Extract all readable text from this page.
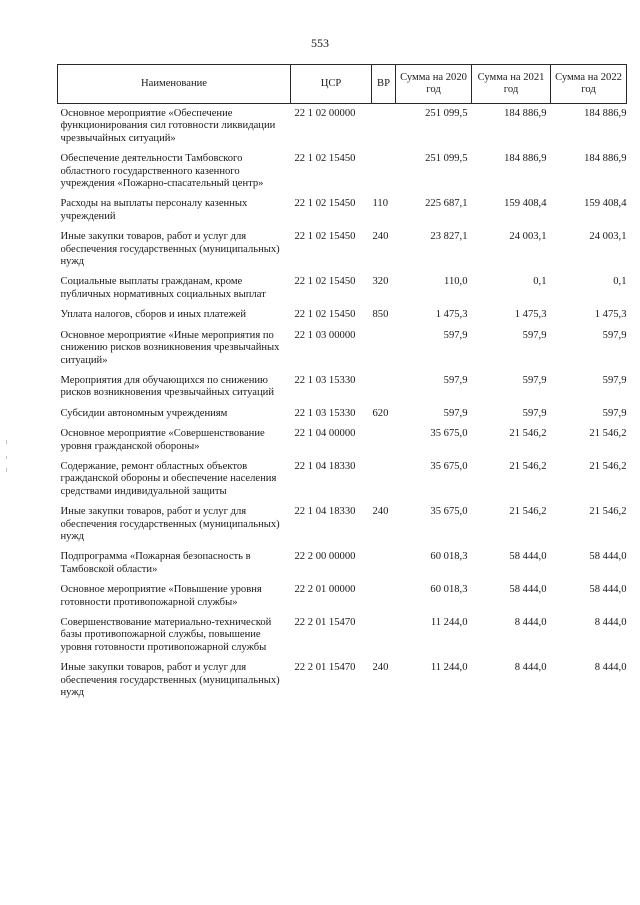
553
Наименование	ЦСР	ВР	Сумма на 2020 год	Сумма на 2021 год	Сумма на 2022 год
Основное мероприятие «Обеспечение функционирования сил готовности ликвидации чрезвычайных ситуаций»	22 1 02 00000		251 099,5	184 886,9	184 886,9
Обеспечение деятельности Тамбовского областного государственного казенного учреждения «Пожарно-спасательный центр»	22 1 02 15450		251 099,5	184 886,9	184 886,9
Расходы на выплаты персоналу казенных учреждений	22 1 02 15450	110	225 687,1	159 408,4	159 408,4
Иные закупки товаров, работ и услуг для обеспечения государственных (муниципальных) нужд	22 1 02 15450	240	23 827,1	24 003,1	24 003,1
Социальные выплаты гражданам, кроме публичных нормативных социальных выплат	22 1 02 15450	320	110,0	0,1	0,1
Уплата налогов, сборов и иных платежей	22 1 02 15450	850	1 475,3	1 475,3	1 475,3
Основное мероприятие «Иные мероприятия по снижению рисков возникновения чрезвычайных ситуаций»	22 1 03 00000		597,9	597,9	597,9
Мероприятия для обучающихся по снижению рисков возникновения чрезвычайных ситуаций	22 1 03 15330		597,9	597,9	597,9
Субсидии автономным учреждениям	22 1 03 15330	620	597,9	597,9	597,9
Основное мероприятие «Совершенствование уровня гражданской обороны»	22 1 04 00000		35 675,0	21 546,2	21 546,2
Содержание, ремонт областных объектов гражданской обороны и обеспечение населения средствами индивидуальной защиты	22 1 04 18330		35 675,0	21 546,2	21 546,2
Иные закупки товаров, работ и услуг для обеспечения государственных (муниципальных) нужд	22 1 04 18330	240	35 675,0	21 546,2	21 546,2
Подпрограмма «Пожарная безопасность в Тамбовской области»	22 2 00 00000		60 018,3	58 444,0	58 444,0
Основное мероприятие «Повышение уровня готовности противопожарной службы»	22 2 01 00000		60 018,3	58 444,0	58 444,0
Совершенствование материально-технической базы противопожарной службы, повышение уровня готовности противопожарной службы	22 2 01 15470		11 244,0	8 444,0	8 444,0
Иные закупки товаров, работ и услуг для обеспечения государственных (муниципальных) нужд	22 2 01 15470	240	11 244,0	8 444,0	8 444,0
